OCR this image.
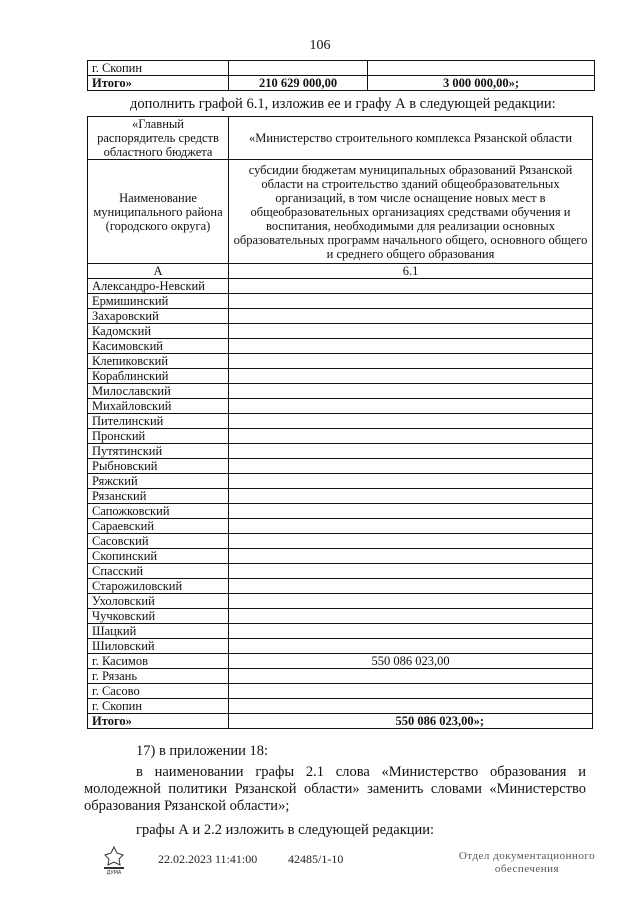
106
г. Скопин		
Итого»	210 629 000,00	3 000 000,00»;
дополнить графой 6.1, изложив ее и графу А в следующей редакции:
«Главный распорядитель средств областного бюджета	«Министерство строительного комплекса Рязанской области
Наименование муниципального района (городского округа)	субсидии бюджетам муниципальных образований Рязанской области на строительство зданий общеобразовательных организаций, в том числе оснащение новых мест в общеобразовательных организациях средствами обучения и воспитания, необходимыми для реализации основных образовательных программ начального общего, основного общего и среднего общего образования
А	6.1
Александро-Невский	
Ермишинский	
Захаровский	
Кадомский	
Касимовский	
Клепиковский	
Кораблинский	
Милославский	
Михайловский	
Пителинский	
Пронский	
Путятинский	
Рыбновский	
Ряжский	
Рязанский	
Сапожковский	
Сараевский	
Сасовский	
Скопинский	
Спасский	
Старожиловский	
Ухоловский	
Чучковский	
Шацкий	
Шиловский	
г. Касимов	550 086 023,00
г. Рязань	
г. Сасово	
г. Скопин	
Итого»	550 086 023,00»;
17) в приложении 18:
в наименовании графы 2.1 слова «Министерство образования и молодежной политики Рязанской области» заменить словами «Министерство образования Рязанской области»;
графы А и 2.2 изложить в следующей редакции:
ДУМА
22.02.2023 11:41:00	42485/1-10	Отдел документационного
обеспечения
